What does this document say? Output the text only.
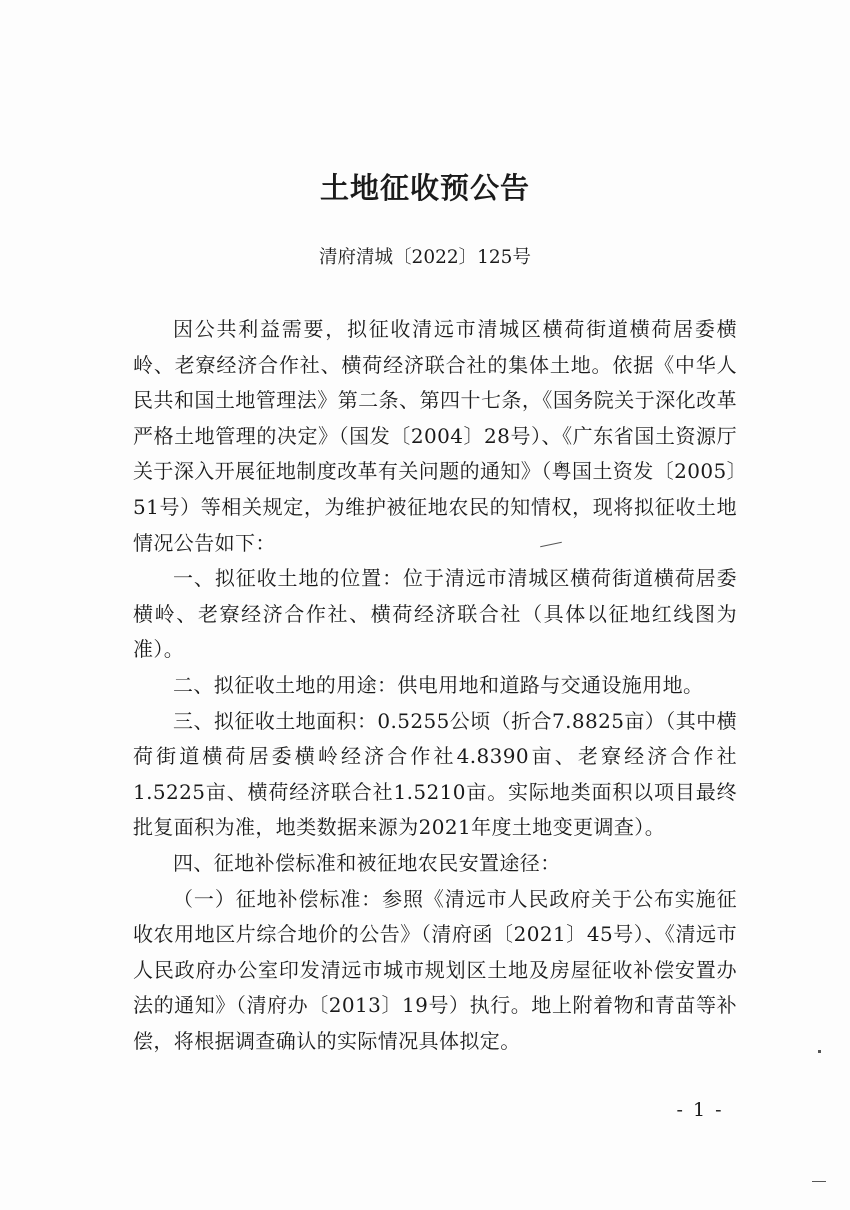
土地征收预公告

清府清城〔2022〕125号

因公共利益需要，拟征收清远市清城区横荷街道横荷居委横岭、老寮经济合作社、横荷经济联合社的集体土地。依据《中华人民共和国土地管理法》第二条、第四十七条，《国务院关于深化改革严格土地管理的决定》（国发〔2004〕28号）、《广东省国土资源厅关于深入开展征地制度改革有关问题的通知》（粤国土资发〔2005〕51号）等相关规定，为维护被征地农民的知情权，现将拟征收土地情况公告如下：

一、拟征收土地的位置：位于清远市清城区横荷街道横荷居委横岭、老寮经济合作社、横荷经济联合社（具体以征地红线图为准）。

二、拟征收土地的用途：供电用地和道路与交通设施用地。

三、拟征收土地面积：0.5255公顷（折合7.8825亩）（其中横荷街道横荷居委横岭经济合作社4.8390亩、老寮经济合作社1.5225亩、横荷经济联合社1.5210亩。实际地类面积以项目最终批复面积为准，地类数据来源为2021年度土地变更调查）。

四、征地补偿标准和被征地农民安置途径：

（一）征地补偿标准：参照《清远市人民政府关于公布实施征收农用地区片综合地价的公告》（清府函〔2021〕45号）、《清远市人民政府办公室印发清远市城市规划区土地及房屋征收补偿安置办法的通知》（清府办〔2013〕19号）执行。地上附着物和青苗等补偿，将根据调查确认的实际情况具体拟定。

- 1 -
